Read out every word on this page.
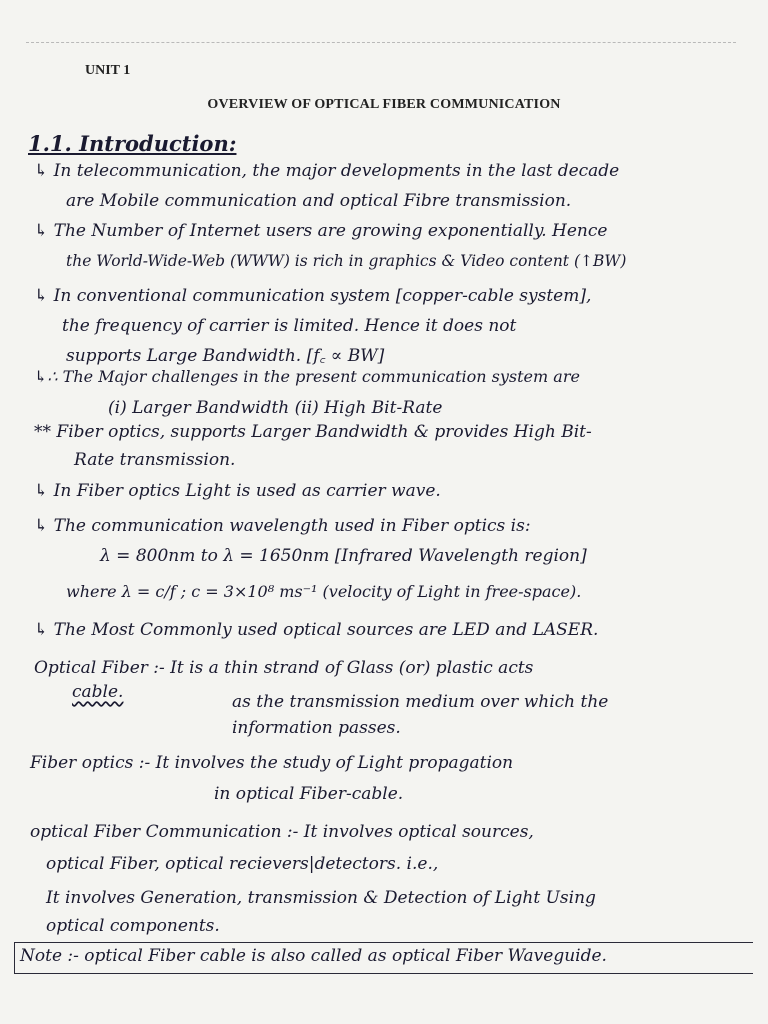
UNIT 1
OVERVIEW OF OPTICAL FIBER COMMUNICATION
1.1. Introduction:
↳ In telecommunication, the major developments in the last decade
are Mobile communication and optical Fibre transmission.
↳ The Number of Internet users are growing exponentially. Hence
the World-Wide-Web (WWW) is rich in graphics & Video content (↑BW)
↳ In conventional communication system [copper-cable system],
the frequency of carrier is limited. Hence it does not
supports Large Bandwidth. [f꜀ ∝ BW]
↳∴ The Major challenges in the present communication system are
(i) Larger Bandwidth (ii) High Bit-Rate
** Fiber optics, supports Larger Bandwidth & provides High Bit-
Rate transmission.
↳ In Fiber optics Light is used as carrier wave.
↳ The communication wavelength used in Fiber optics is:
λ = 800nm to λ = 1650nm [Infrared Wavelength region]
where λ = c/f ; c = 3×10⁸ ms⁻¹ (velocity of Light in free-space).
↳ The Most Commonly used optical sources are LED and LASER.
Optical Fiber :- It is a thin strand of Glass (or) plastic acts
cable.	as the transmission medium over which the
information passes.
Fiber optics :- It involves the study of Light propagation
in optical Fiber-cable.
optical Fiber Communication :- It involves optical sources,
optical Fiber, optical recievers|detectors. i.e.,
It involves Generation, transmission & Detection of Light Using
optical components.
Note :- optical Fiber cable is also called as optical Fiber Waveguide.
